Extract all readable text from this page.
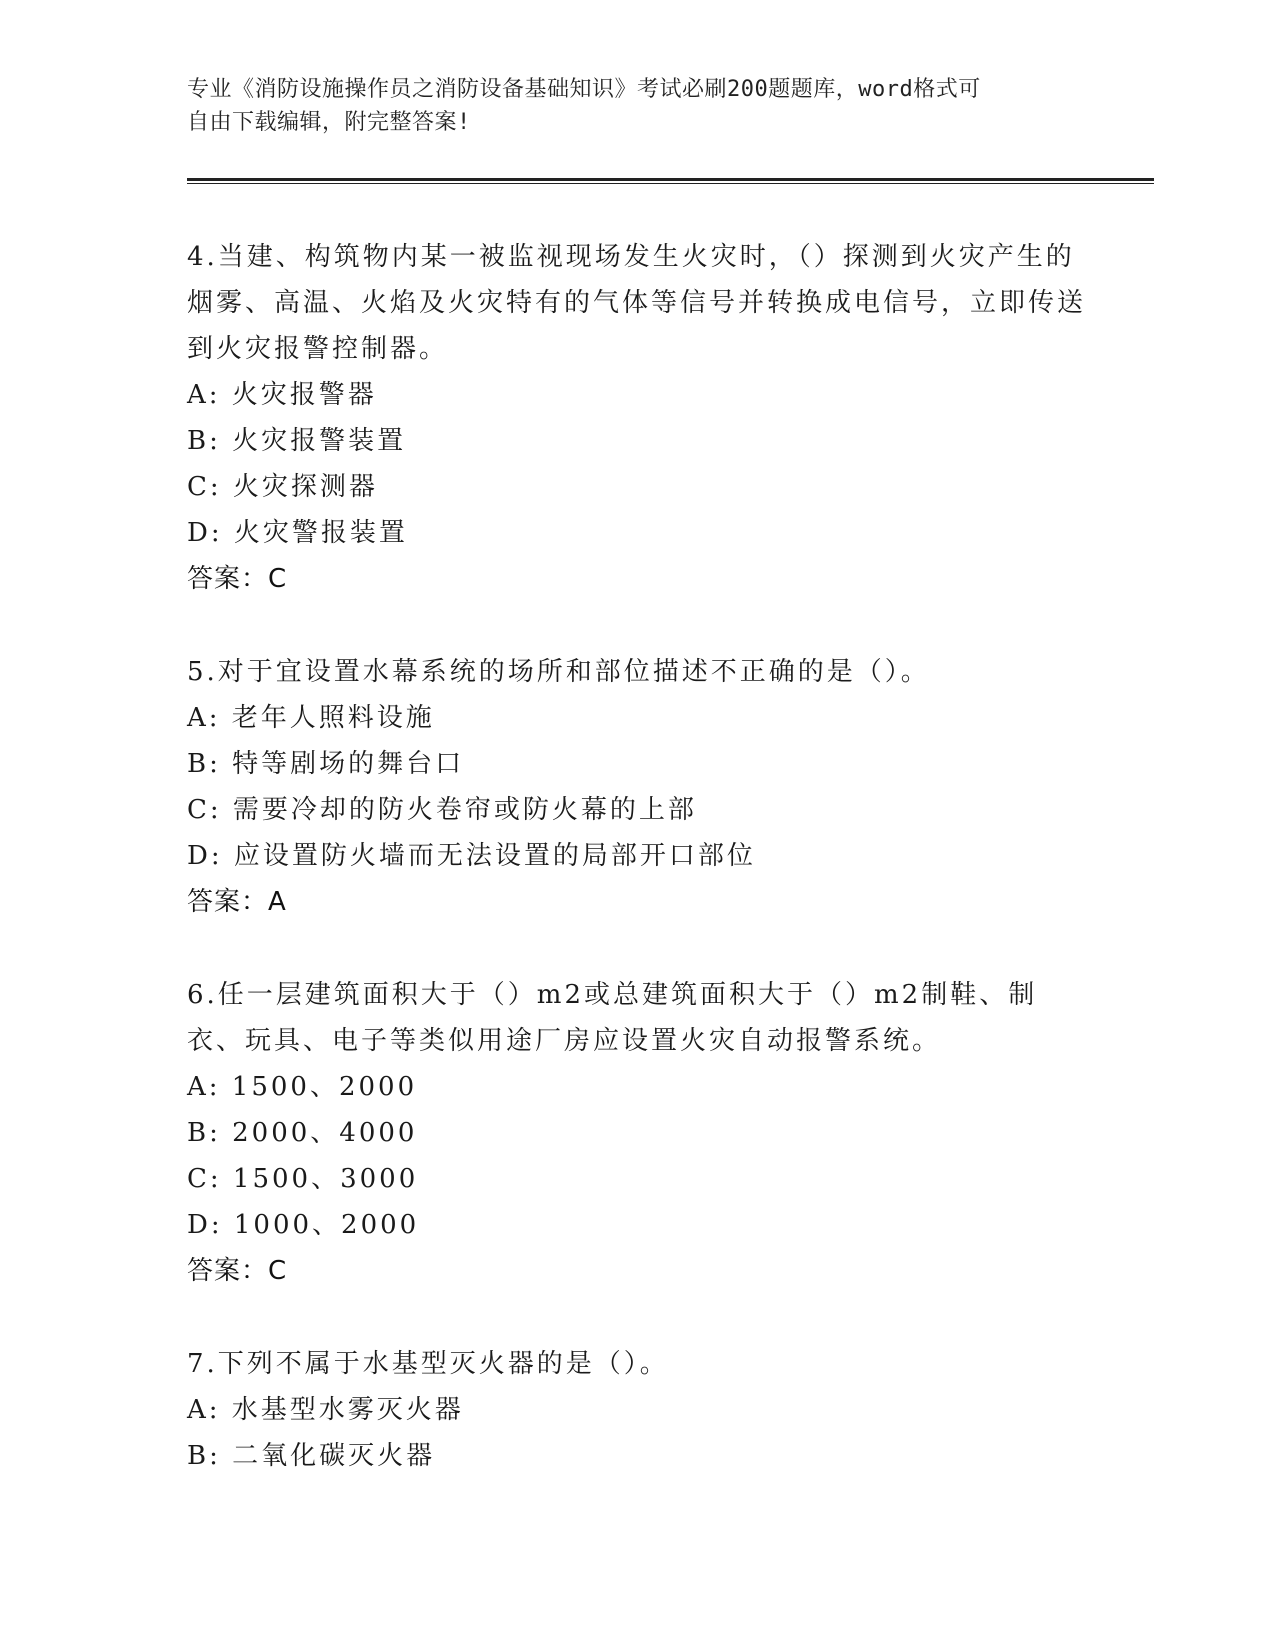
专业《消防设施操作员之消防设备基础知识》考试必刷200题题库，word格式可
自由下载编辑，附完整答案!
4.当建、构筑物内某一被监视现场发生火灾时，（）探测到火灾产生的烟雾、高温、火焰及火灾特有的气体等信号并转换成电信号，立即传送到火灾报警控制器。
A: 火灾报警器
B: 火灾报警装置
C: 火灾探测器
D: 火灾警报装置
答案：C
5.对于宜设置水幕系统的场所和部位描述不正确的是（）。
A: 老年人照料设施
B: 特等剧场的舞台口
C: 需要冷却的防火卷帘或防火幕的上部
D: 应设置防火墙而无法设置的局部开口部位
答案：A
6.任一层建筑面积大于（）m2或总建筑面积大于（）m2制鞋、制衣、玩具、电子等类似用途厂房应设置火灾自动报警系统。
A: 1500、2000
B: 2000、4000
C: 1500、3000
D: 1000、2000
答案：C
7.下列不属于水基型灭火器的是（）。
A: 水基型水雾灭火器
B: 二氧化碳灭火器
